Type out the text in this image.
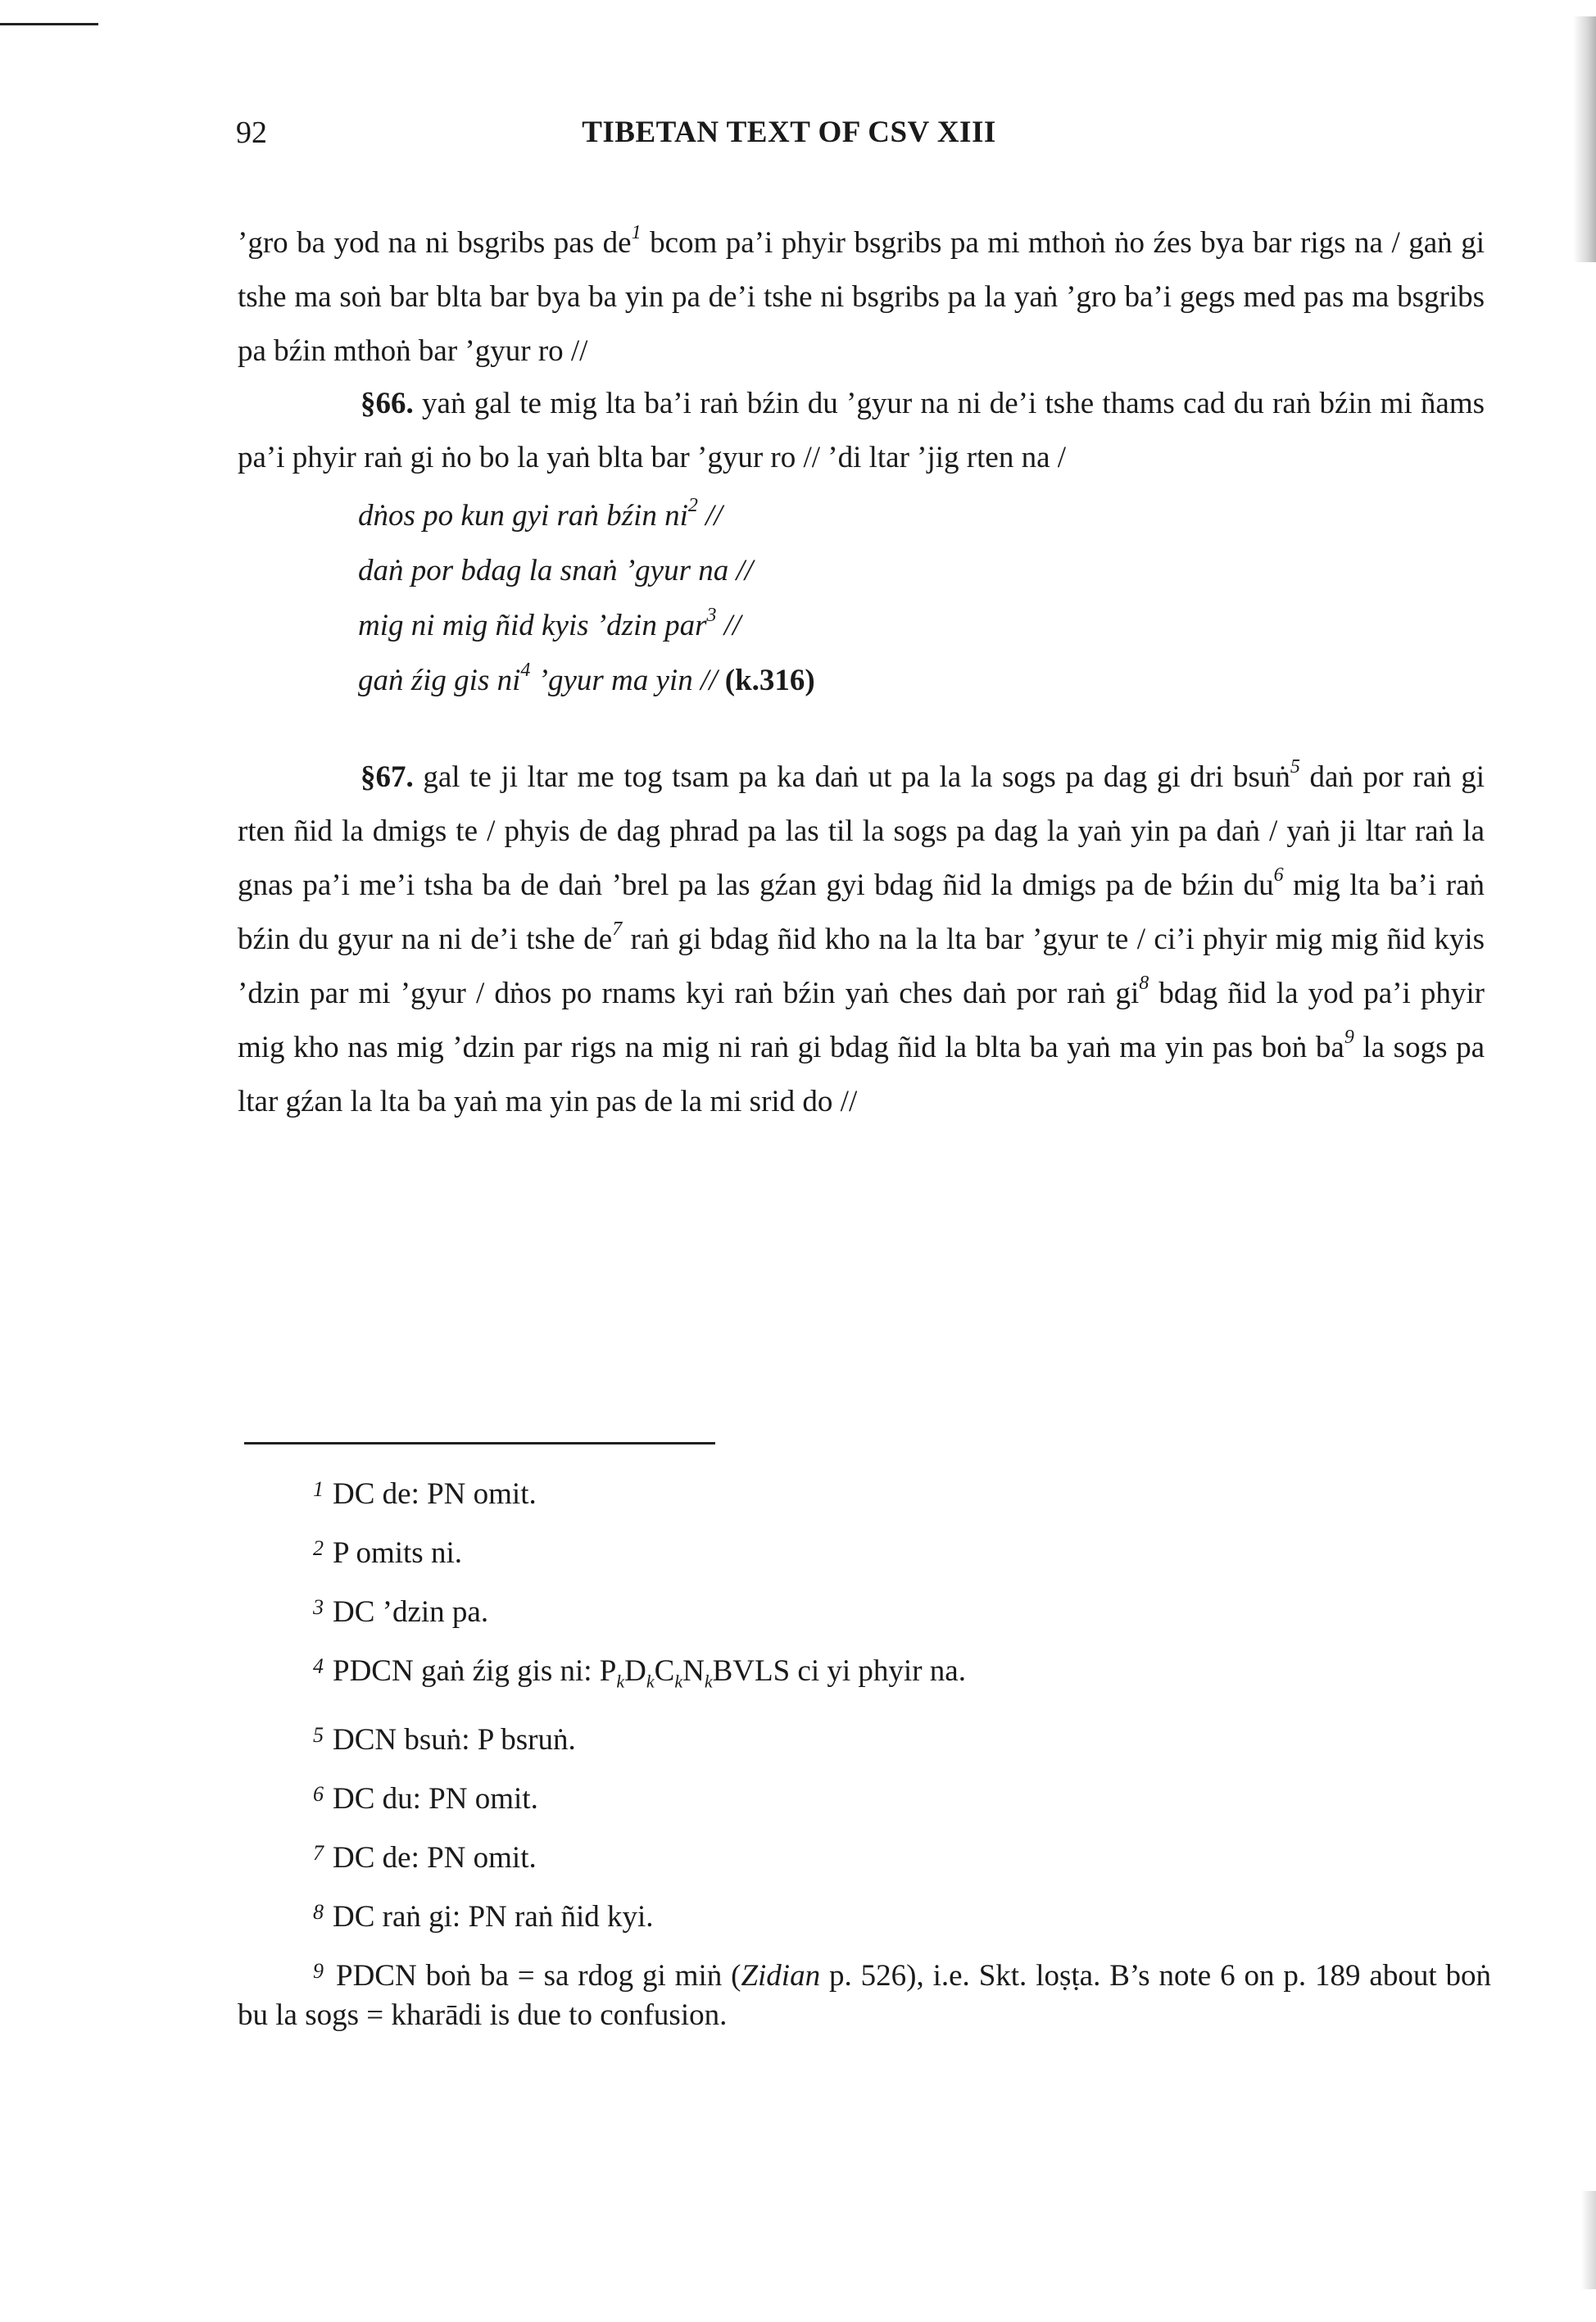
92	TIBETAN TEXT OF CSV XIII

’gro ba yod na ni bsgribs pas $de^1$ bcom pa’i phyir bsgribs pa mi mthoṅ ṅo źes bya bar rigs na / gaṅ gi tshe ma soṅ bar blta bar bya ba yin pa de’i tshe ni bsgribs pa la yaṅ ’gro ba’i gegs med pas ma bsgribs pa bźin mthoṅ bar ’gyur ro //

§66. yaṅ gal te mig lta ba’i raṅ bźin du ’gyur na ni de’i tshe thams cad du raṅ bźin mi ñams pa’i phyir raṅ gi ṅo bo la yaṅ blta bar ’gyur ro // ’di ltar ’jig rten na /

dṅos po kun gyi raṅ bźin $ni^2$ //
daṅ por bdag la snaṅ ’gyur na //
mig ni mig ñid kyis ’dzin par$^3$ //
gaṅ źig gis $ni^4$ ’gyur ma yin // (k.316)

§67. gal te ji ltar me tog tsam pa ka daṅ ut pa la la sogs pa dag gi dri bsuṅ$^5$ daṅ por raṅ gi rten ñid la dmigs te / phyis de dag phrad pa las til la sogs pa dag la yaṅ yin pa daṅ / yaṅ ji ltar raṅ la gnas pa’i me’i tsha ba de daṅ ’brel pa las gźan gyi bdag ñid la dmigs pa de bźin $du^6$ mig lta ba’i raṅ bźin du gyur na ni de’i tshe $de^7$ raṅ gi bdag ñid kho na la lta bar ’gyur te / ci’i phyir mig mig ñid kyis ’dzin par mi ’gyur / dṅos po rnams kyi raṅ bźin yaṅ ches daṅ por raṅ $gi^8$ bdag ñid la yod pa’i phyir mig kho nas mig ’dzin par rigs na mig ni raṅ gi bdag ñid la blta ba yaṅ ma yin pas boṅ $ba^9$ la sogs pa ltar gźan la lta ba yaṅ ma yin pas de la mi srid do //

1 DC de: PN omit.
2 P omits ni.
3 DC ’dzin pa.
4 PDCN gaṅ źig gis ni: $P_kD_kC_kN_kBVLS$ ci yi phyir na.
5 DCN bsuṅ: P bsruṅ.
6 DC du: PN omit.
7 DC de: PN omit.
8 DC raṅ gi: PN raṅ ñid kyi.
9 PDCN boṅ ba = sa rdog gi miṅ (Zidian p. 526), i.e. Skt. loṣṭa. B’s note 6 on p. 189 about boṅ bu la sogs = kharādi is due to confusion.
